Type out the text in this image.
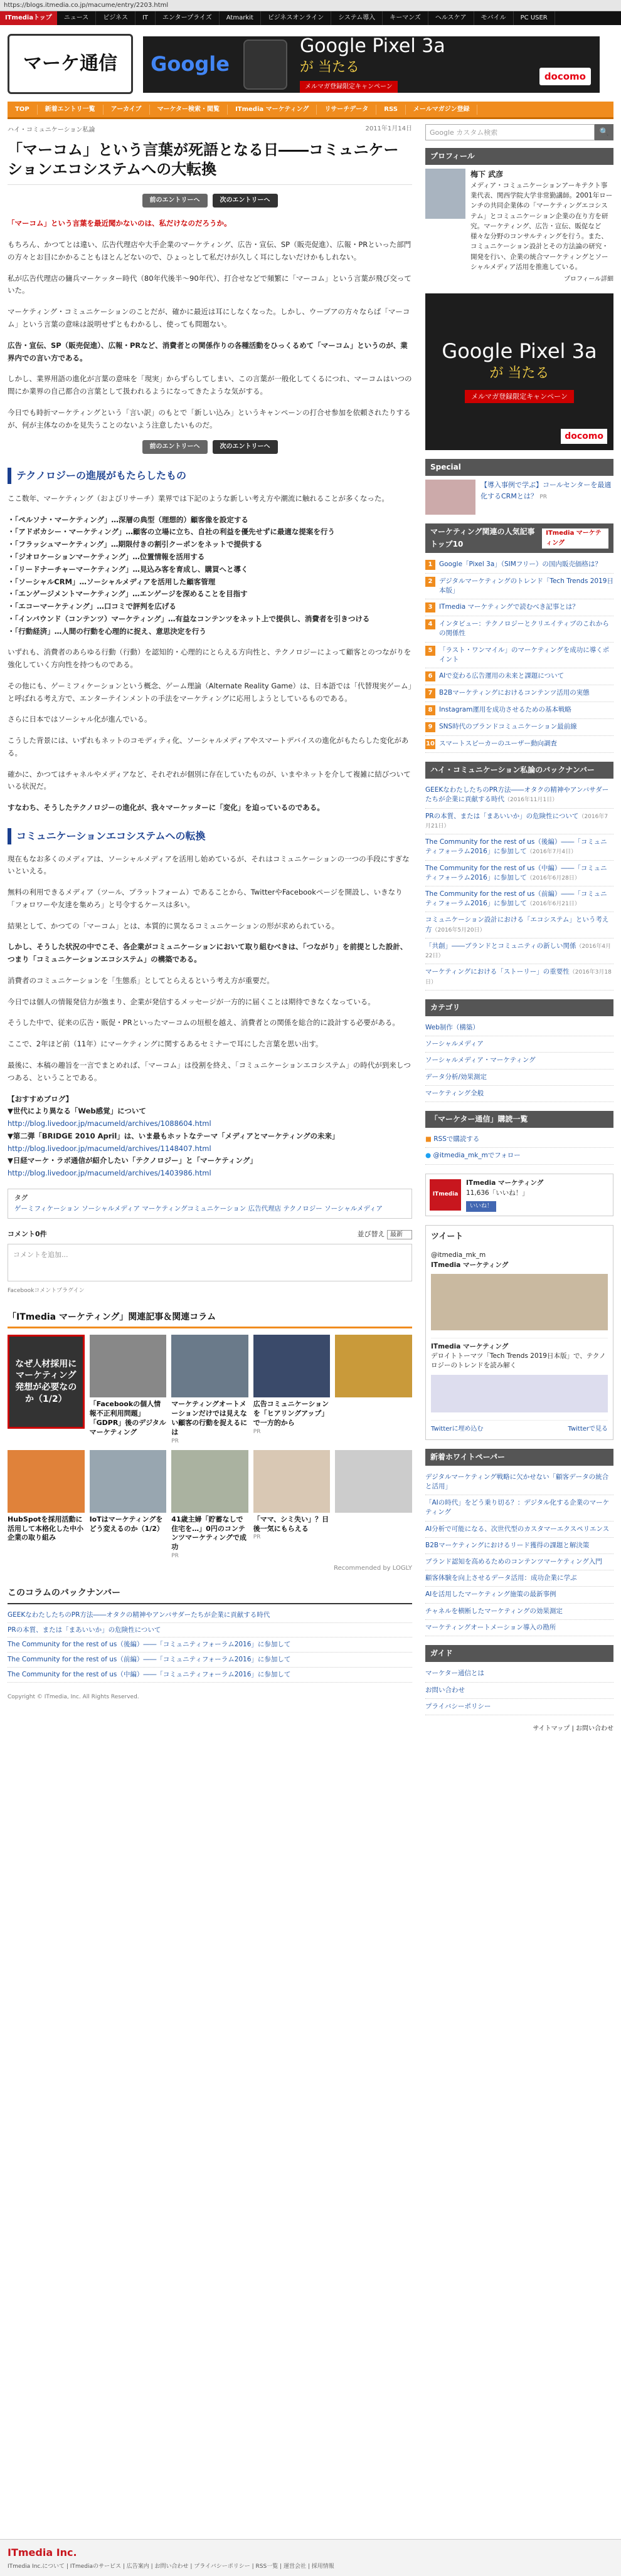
https://blogs.itmedia.co.jp/macume/entry/2203.html
ITmediaトップ	ニュース	ビジネス	IT	エンタープライズ	Atmarkit	ビジネスオンライン	システム導入	キーマンズ	ヘルスケア	モバイル	PC USER
マーケ通信	Google
Google Pixel 3a
が 当たる
メルマガ登録限定キャンペーン
docomo
TOP	新着エントリ一覧	アーカイブ	マーケター検索・閲覧	ITmedia マーケティング	リサーチデータ	RSS	メールマガジン登録
ハイ・コミュニケーション私論	2011年1月14日
「マーコム」という言葉が死語となる日――コミュニケーションエコシステムへの大転換
前のエントリーへ	次のエントリーへ

「マーコム」という言葉を最近聞かないのは、私だけなのだろうか。

もちろん、かつてとは違い、広告代理店や大手企業のマーケティング、広告・宣伝、SP（販売促進）、広報・PRといった部門の方々とお目にかかることもほとんどないので、ひょっとして私だけが久しく耳にしないだけかもしれない。

私が広告代理店の傭兵マーケッター時代（80年代後半～90年代）、打合せなどで頻繁に「マーコム」という言葉が飛び交っていた。

マーケティング・コミュニケーションのことだが、確かに最近は耳にしなくなった。しかし、ウーブアの方々ならば「マーコム」という言葉の意味は説明せずともわかるし、使っても問題ない。

広告・宣伝、SP（販売促進）、広報・PRなど、消費者との関係作りの各種活動をひっくるめて「マーコム」というのが、業界内での言い方である。

しかし、業界用語の進化が言葉の意味を「現実」からずらしてしまい、この言葉が一般化してくるにつれ、マーコムはいつの間にか業界の自己都合の言葉として扱われるようになってきたような気がする。

今日でも時折マーケティングという「言い訳」のもとで「新しい込み」というキャンペーンの打合せ参加を依頼されたりするが、何が主体なのかを見失うことのないよう注意したいものだ。

前のエントリーへ	次のエントリーへ
テクノロジーの進展がもたらしたもの

ここ数年、マーケティング（およびリサーチ）業界では下記のような新しい考え方や潮流に触れることが多くなった。

・「ペルソナ・マーケティング」…深層の典型（理想的）顧客像を設定する
・「アドボカシー・マーケティング」…顧客の立場に立ち、自社の利益を優先せずに最適な提案を行う
・「フラッシュマーケティング」…期限付きの割引クーポンをネットで提供する
・「ジオロケーションマーケティング」…位置情報を活用する
・「リードナーチャーマーケティング」…見込み客を育成し、購買へと導く
・「ソーシャルCRM」…ソーシャルメディアを活用した顧客管理
・「エンゲージメントマーケティング」…エンゲージを深めることを目指す
・「エコーマーケティング」…口コミで評判を広げる
・「インバウンド（コンテンツ）マーケティング」…有益なコンテンツをネット上で提供し、消費者を引きつける
・「行動経済」…人間の行動を心理的に捉え、意思決定を行う

いずれも、消費者のあらゆる行動（行動）を認知的・心理的にとらえる方向性と、テクノロジーによって顧客とのつながりを強化していく方向性を持つものである。

その他にも、ゲーミフィケーションという概念、ゲーム理論（Alternate Reality Game）は、日本語では「代替現実ゲーム」と呼ばれる考え方で、エンターテインメントの手法をマーケティングに応用しようとしているものである。

さらに日本ではソーシャル化が進んでいる。

こうした背景には、いずれもネットのコモディティ化、ソーシャルメディアやスマートデバイスの進化がもたらした変化がある。

確かに、かつてはチャネルやメディアなど、それぞれが個別に存在していたものが、いまやネットを介して複雑に結びついている状況だ。

すなわち、そうしたテクノロジーの進化が、我々マーケッターに「変化」を迫っているのである。

コミュニケーションエコシステムへの転換

現在もなお多くのメディアは、ソーシャルメディアを活用し始めているが、それはコミュニケーションの一つの手段にすぎないといえる。

無料の利用できるメディア（ツール、プラットフォーム）であることから、TwitterやFacebookページを開設し、いきなり「フォロワーや友達を集めろ」と号令するケースは多い。

結果として、かつての「マーコム」とは、本質的に異なるコミュニケーションの形が求められている。

しかし、そうした状況の中でこそ、各企業がコミュニケーションにおいて取り組むべきは、「つながり」を前提とした設計、つまり「コミュニケーションエコシステム」の構築である。

消費者のコミュニケーションを「生態系」としてとらえるという考え方が重要だ。

今日では個人の情報発信力が強まり、企業が発信するメッセージが一方的に届くことは期待できなくなっている。

そうした中で、従来の広告・販促・PRといったマーコムの垣根を越え、消費者との関係を総合的に設計する必要がある。

ここで、2年ほど前（11年）にマーケティングに関するあるセミナーで耳にした言葉を思い出す。

最後に、本稿の趣旨を一言でまとめれば、「マーコム」は役割を終え、「コミュニケーションエコシステム」の時代が到来しつつある、ということである。

【おすすめブログ】
▼世代により異なる「Web感覚」について
http://blog.livedoor.jp/macumeld/archives/1088604.html
▼第二弾「BRIDGE 2010 April」は、いま最もホットなテーマ「メディアとマーケティングの未来」
http://blog.livedoor.jp/macumeld/archives/1148407.html
▼日経マーケ・ラボ通信が紹介したい「テクノロジー」と「マーケティング」
http://blog.livedoor.jp/macumeld/archives/1403986.html
タグ
ゲーミフィケーション ソーシャルメディア マーケティングコミュニケーション 広告代理店 テクノロジー ソーシャルメディア
コメント0件	並び替え 最新
コメントを追加...
Facebookコメントプラグイン
「ITmedia マーケティング」関連記事＆関連コラム
なぜ人材採用にマーケティング発想が必要なのか（1/2）	「Facebookの個人情報不正利用問題」「GDPR」後のデジタルマーケティング
マーケティングオートメーションだけでは見えない顧客の行動を捉えるには
PR
広告コミュニケーションを「ヒアリングアップ」で一方的から
PR
HubSpotを採用活動に活用して本格化した中小企業の取り組み
IoTはマーケティングをどう変えるのか（1/2）
41歳主婦「貯蓄なしで住宅を…」0円のコンテンツマーケティングで成功
PR
「ママ、シミ失い」？日後一気にもらえる
PR
Recommended by LOGLY
このコラムのバックナンバー
GEEKなわたしたちのPR方法――オタクの精神やアンバサダーたちが企業に貢献する時代
PRの本質、または「まあいいか」の危険性について
The Community for the rest of us（後編）――「コミュニティフォーラム2016」に参加して
The Community for the rest of us（前編）――「コミュニティフォーラム2016」に参加して
The Community for the rest of us（中編）――「コミュニティフォーラム2016」に参加して
Copyright © ITmedia, Inc. All Rights Reserved.
Google カスタム検索	🔍
プロフィール
梅下 武彦
メディア・コミュニケーションアーキテクト事業代表、関西学院大学非常勤講師。2001年ローンチの共同企業体の「マーケティングエコシステム」とコミュニケーション企業の在り方を研究。マーケティング、広告・宣伝、販促など様々な分野のコンサルティングを行う。また、コミュニケーション設計とその方法論の研究・開発を行い、企業の統合マーケティングとソーシャルメディア活用を推進している。
プロフィール詳細
Google Pixel 3a
が 当たる
メルマガ登録限定キャンペーン
docomo
Special
【導入事例で学ぶ】コールセンターを最適化するCRMとは？ PR
マーケティング関連の人気記事 トップ10
ITmedia マーケティング
1	Google「Pixel 3a」（SIMフリー）の国内販売価格は？
2	デジタルマーケティングのトレンド「Tech Trends 2019日本版」
3	ITmedia マーケティングで読むべき記事とは？
4	インタビュー：テクノロジーとクリエイティブのこれからの関係性
5	「ラスト・ワンマイル」のマーケティングを成功に導くポイント
6	AIで変わる広告運用の未来と課題について
7	B2Bマーケティングにおけるコンテンツ活用の実態
8	Instagram運用を成功させるための基本戦略
9	SNS時代のブランドコミュニケーション最前線
10 スマートスピーカーのユーザー動向調査
ハイ・コミュニケーション私論のバックナンバー
GEEKなわたしたちのPR方法――オタクの精神やアンバサダーたちが企業に貢献する時代（2016年11月1日）
PRの本質、または「まあいいか」の危険性について（2016年7月21日）
The Community for the rest of us（後編）――「コミュニティフォーラム2016」に参加して（2016年7月4日）
The Community for the rest of us（中編）――「コミュニティフォーラム2016」に参加して（2016年6月28日）
The Community for the rest of us（前編）――「コミュニティフォーラム2016」に参加して（2016年6月21日）
コミュニケーション設計における「エコシステム」という考え方（2016年5月20日）
「共創」――ブランドとコミュニティの新しい関係（2016年4月22日）
マーケティングにおける「ストーリー」の重要性（2016年3月18日）
カテゴリ
Web制作（構築）
ソーシャルメディア
ソーシャルメディア・マーケティング
データ分析/効果測定
マーケティング全般
「マーケター通信」購読一覧
■ RSSで購読する
● @itmedia_mk_mでフォロー
ITmedia
ITmedia マーケティング
11,636「いいね！」
いいね！
ツイート
@itmedia_mk_m
ITmedia マーケティング
ITmedia マーケティング
デロイトトーマツ「Tech Trends 2019日本版」で、テクノロジーのトレンドを読み解く
Twitterに埋め込む	Twitterで見る
新着ホワイトペーパー
デジタルマーケティング戦略に欠かせない「顧客データの統合と活用」
「AIの時代」をどう乗り切る？：デジタル化する企業のマーケティング
AI分析で可能になる、次世代型のカスタマーエクスペリエンス
B2Bマーケティングにおけるリード獲得の課題と解決策
ブランド認知を高めるためのコンテンツマーケティング入門
顧客体験を向上させるデータ活用：成功企業に学ぶ
AIを活用したマーケティング施策の最新事例
チャネルを横断したマーケティングの効果測定
マーケティングオートメーション導入の勘所
ガイド
マーケター通信とは
お問い合わせ
プライバシーポリシー
サイトマップ | お問い合わせ
ITmedia Inc.
ITmedia Inc.について | ITmediaのサービス | 広告案内 | お問い合わせ | プライバシーポリシー | RSS一覧 | 運営会社 | 採用情報
